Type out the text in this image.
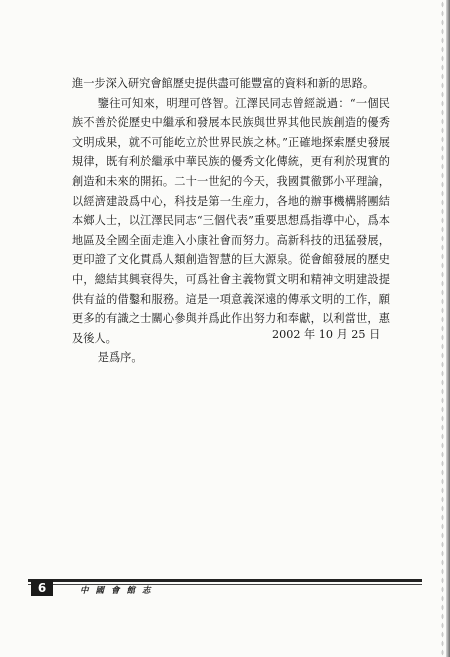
進一步深入研究會館歷史提供盡可能豐富的資料和新的思路。

鑒往可知來，明理可啓智。江澤民同志曾經説過：“一個民族不善於從歷史中繼承和發展本民族與世界其他民族創造的優秀文明成果，就不可能屹立於世界民族之林。”正確地探索歷史發展規律，既有利於繼承中華民族的優秀文化傳統，更有利於現實的創造和未來的開拓。二十一世紀的今天，我國貫徹鄧小平理論，以經濟建設爲中心，科技是第一生産力，各地的辦事機構將團結本鄉人士，以江澤民同志“三個代表”重要思想爲指導中心，爲本地區及全國全面走進入小康社會而努力。高新科技的迅猛發展，更印證了文化貫爲人類創造智慧的巨大源泉。從會館發展的歷史中，總結其興衰得失，可爲社會主義物質文明和精神文明建設提供有益的借鑿和服務。這是一項意義深遠的傳承文明的工作，願更多的有識之士關心參與并爲此作出努力和奉獻，以利當世，惠及後人。

是爲序。

2002 年 10 月 25 日
6	中國會館志
